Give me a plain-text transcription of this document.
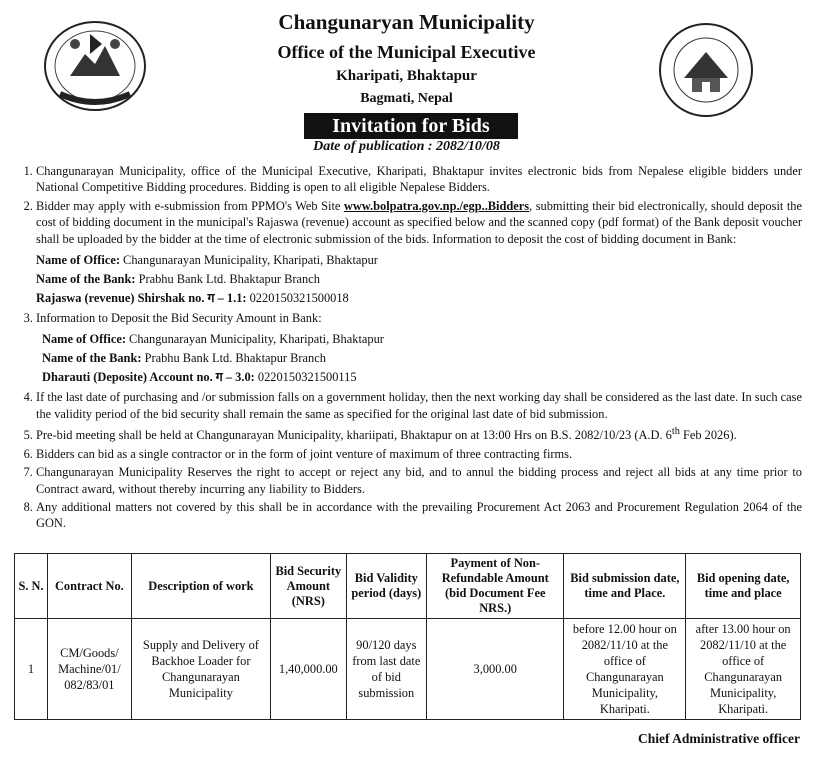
Changunaryan Municipality
Office of the Municipal Executive
Kharipati, Bhaktapur
Bagmati, Nepal
Invitation for Bids
Date of publication : 2082/10/08
1. Changunarayan Municipality, office of the Municipal Executive, Kharipati, Bhaktapur invites electronic bids from Nepalese eligible bidders under National Competitive Bidding procedures. Bidding is open to all eligible Nepalese Bidders.
2. Bidder may apply with e-submission from PPMO's Web Site www.bolpatra.gov.np./egp..Bidders, submitting their bid electronically, should deposit the cost of bidding document in the municipal's Rajaswa (revenue) account as specified below and the scanned copy (pdf format) of the Bank deposit voucher shall be uploaded by the bidder at the time of electronic submission of the bids. Information to deposit the cost of bidding document in Bank:
Name of Office: Changunarayan Municipality, Kharipati, Bhaktapur
Name of the Bank: Prabhu Bank Ltd. Bhaktapur Branch
Rajaswa (revenue) Shirshak no. ग – 1.1: 0220150321500018
3. Information to Deposit the Bid Security Amount in Bank:
Name of Office: Changunarayan Municipality, Kharipati, Bhaktapur
Name of the Bank: Prabhu Bank Ltd. Bhaktapur Branch
Dharauti (Deposite) Account no. ग – 3.0: 0220150321500115
4. If the last date of purchasing and /or submission falls on a government holiday, then the next working day shall be considered as the last date. In such case the validity period of the bid security shall remain the same as specified for the original last date of bid submission.
5. Pre-bid meeting shall be held at Changunarayan Municipality, khariipati, Bhaktapur on at 13:00 Hrs on B.S. 2082/10/23 (A.D. 6th Feb 2026).
6. Bidders can bid as a single contractor or in the form of joint venture of maximum of three contracting firms.
7. Changunarayan Municipality Reserves the right to accept or reject any bid, and to annul the bidding process and reject all bids at any time prior to Contract award, without thereby incurring any liability to Bidders.
8. Any additional matters not covered by this shall be in accordance with the prevailing Procurement Act 2063 and Procurement Regulation 2064 of the GON.
S. N.	Contract No.	Description of work	Bid Security Amount (NRS)	Bid Validity period (days)	Payment of Non-Refundable Amount (bid Document Fee NRS.)	Bid submission date, time and Place.	Bid opening date, time and place
1	CM/Goods/ Machine/01/ 082/83/01	Supply and Delivery of Backhoe Loader for Changunarayan Municipality	1,40,000.00	90/120 days from last date of bid submission	3,000.00	before 12.00 hour on 2082/11/10 at the office of Changunarayan Municipality, Kharipati.	after 13.00 hour on 2082/11/10 at the office of Changunarayan Municipality, Kharipati.
Chief Administrative officer
